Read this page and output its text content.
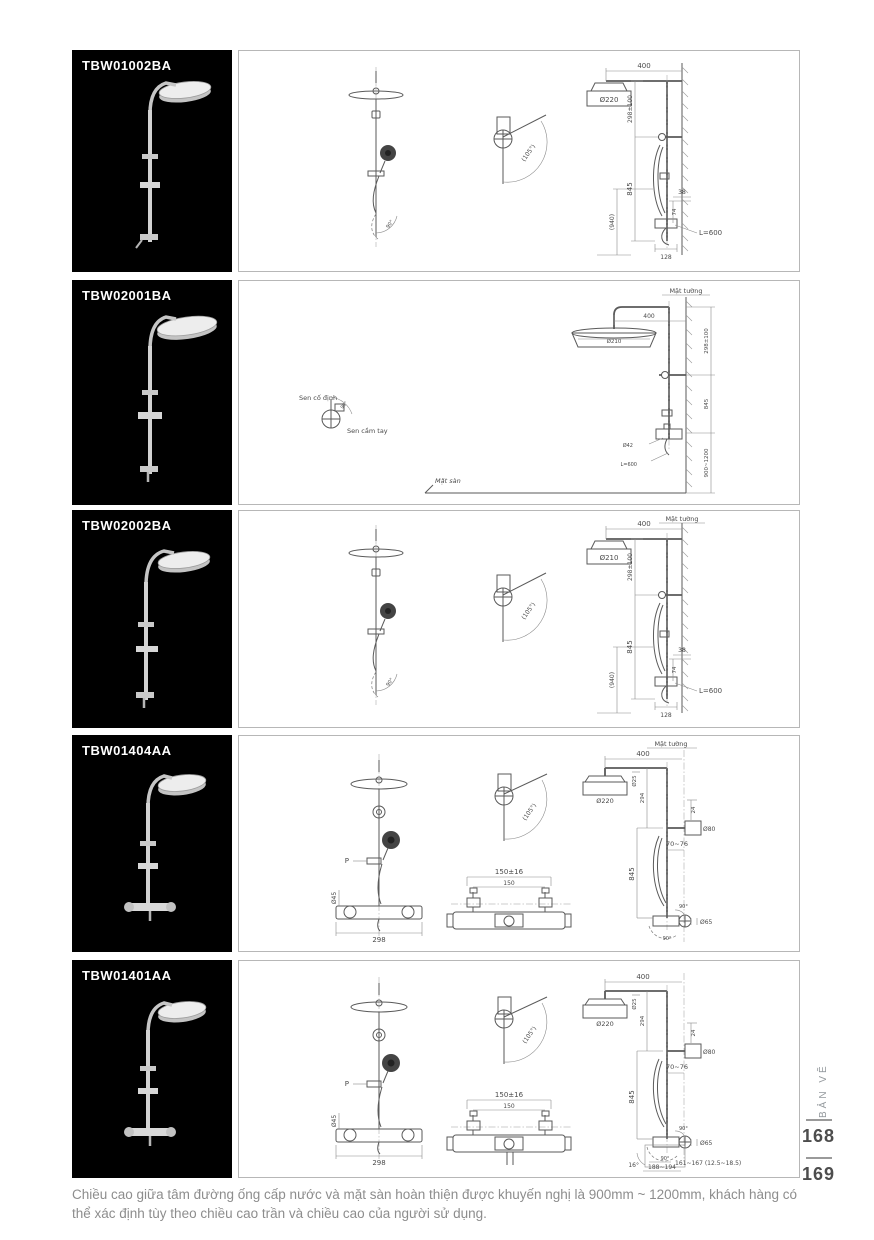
TBW01002BA
90°
(105°)
400
Ø220 298±100
845
(940)
74
38
128
L=600
TBW02001BA	Mặt tường
Sen cố định
90°
Sen cầm tay
400
Ø210	298±100
845
900~1200
Ø42
L=600
Mặt sàn
TBW02002BA
90°
(105°)
Mặt tường
400
Ø210 298±100
845
(940)
74
38
128
L=600
TBW01404AA
P
Ø45
298
(105°)
150±16
150
Mặt tường
400
Ø220
Ø25
294
24
Ø80
70~76
845
90°
Ø65
90°
TBW01401AA
P
Ø45
298
(105°)
150±16
150
400
Ø220
Ø25
294
24
Ø80
70~76
845
90°
Ø65
90°
16°	161~167 (12.5~18.5)
188~194
BẢN VẼ
168
169
Chiều cao giữa tâm đường ống cấp nước và mặt sàn hoàn thiện được khuyến nghị là 900mm ~ 1200mm, khách hàng có
thể xác định tùy theo chiều cao trần và chiều cao của người sử dụng.
